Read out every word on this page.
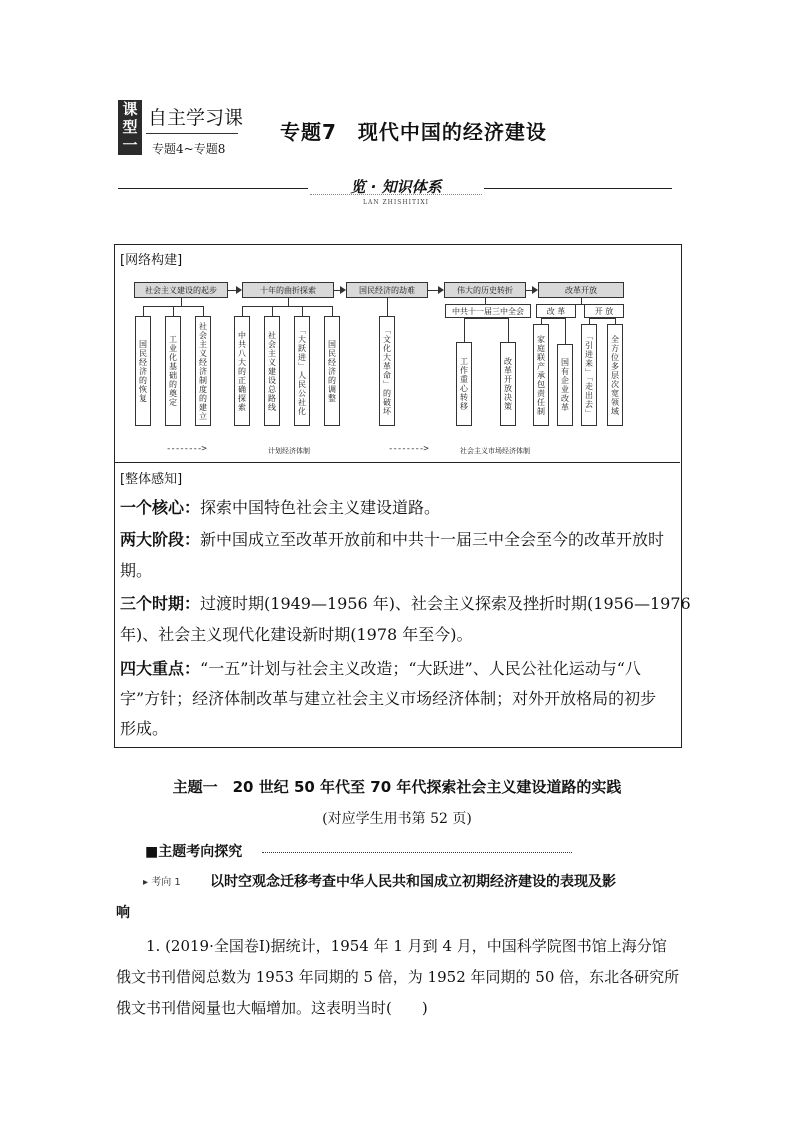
课
型
一
自主学习课
专题4~专题8
专题7　现代中国的经济建设
览 · 知识体系
LAN ZHISHITIXI
[网络构建]
社会主义建设的起步	十年的曲折探索	国民经济的劫难	伟大的历史转折	改革开放
中共十一届三中全会	改 革	开 放
国民经济的恢复	工业化基础的奠定	社会主义经济制度的建立	中共八大的正确探索	社会主义建设总路线	「大跃进」人民公社化	国民经济的调整	「文化大革命」的破坏	工作重心转移	改革开放决策	家庭联产承包责任制	国有企业改革	「引进来」「走出去」	全方位多层次宽领域
-------->	计划经济体制	-------->	社会主义市场经济体制
[整体感知]
一个核心：探索中国特色社会主义建设道路。
两大阶段：新中国成立至改革开放前和中共十一届三中全会至今的改革开放时
期。
三个时期：过渡时期(1949—1956 年)、社会主义探索及挫折时期(1956—1976
年)、社会主义现代化建设新时期(1978 年至今)。
四大重点：“一五”计划与社会主义改造；“大跃进”、人民公社化运动与“八
字”方针；经济体制改革与建立社会主义市场经济体制；对外开放格局的初步
形成。
主题一　20 世纪 50 年代至 70 年代探索社会主义建设道路的实践
(对应学生用书第 52 页)
■主题考向探究
▸ 考向 1 以时空观念迁移考查中华人民共和国成立初期经济建设的表现及影
响
1. (2019·全国卷Ⅰ)据统计，1954 年 1 月到 4 月，中国科学院图书馆上海分馆
俄文书刊借阅总数为 1953 年同期的 5 倍，为 1952 年同期的 50 倍，东北各研究所
俄文书刊借阅量也大幅增加。这表明当时(　　)
